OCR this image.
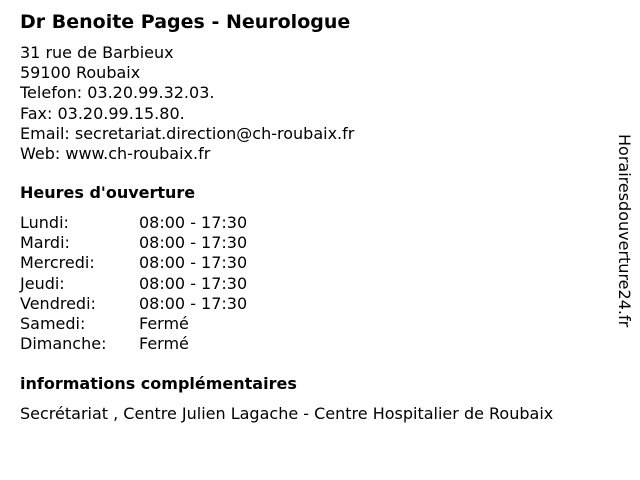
Dr Benoite Pages - Neurologue
31 rue de Barbieux
59100 Roubaix
Telefon: 03.20.99.32.03.
Fax: 03.20.99.15.80.
Email: secretariat.direction@ch-roubaix.fr
Web: www.ch-roubaix.fr
Heures d'ouverture
Lundi:	08:00 - 17:30
Mardi:	08:00 - 17:30
Mercredi:	08:00 - 17:30
Jeudi:	08:00 - 17:30
Vendredi:	08:00 - 17:30
Samedi:	Fermé
Dimanche: Fermé
informations complémentaires
Secrétariat , Centre Julien Lagache - Centre Hospitalier de Roubaix
Horairesdouverture24.fr
